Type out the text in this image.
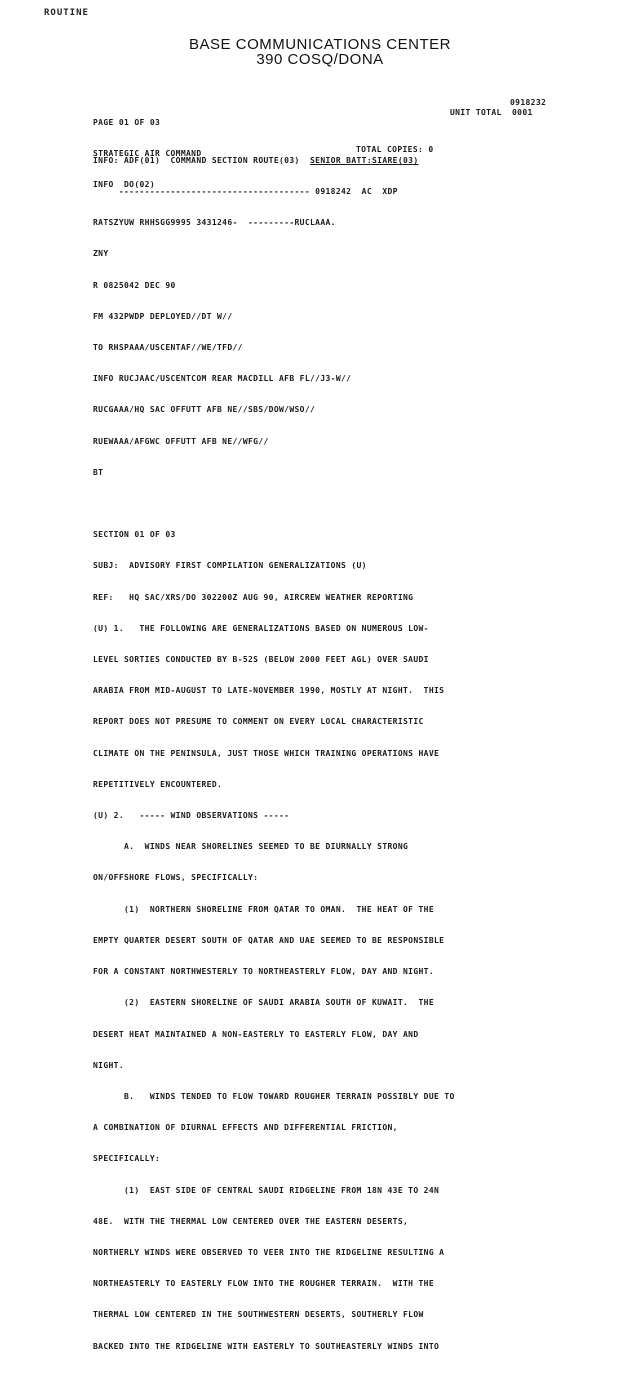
ROUTINE
BASE COMMUNICATIONS CENTER
390 COSQ/DONA

PAGE 01 OF 03

STRATEGIC AIR COMMAND

INFO  DO(02)

0918232
UNIT TOTAL  0001

INFO: ADF(01)  COMMAND SECTION ROUTE(03) SENIOR BATT:SIARE(03)

------------------------------------- 0918242  AC  XDP

RATSZYUW RHHSGG9995 3431246-  ---------RUCLAAA.

ZNY

R 0825042 DEC 90

FM 432PWDP DEPLOYED//DT W//

TO RHSPAAA/USCENTAF//WE/TFD//

INFO RUCJAAC/USCENTCOM REAR MACDILL AFB FL//J3-W//

RUCGAAA/HQ SAC OFFUTT AFB NE//SBS/DOW/WSO//

RUEWAAA/AFGWC OFFUTT AFB NE//WFG//

BT

SECTION 01 OF 03

SUBJ:  ADVISORY FIRST COMPILATION GENERALIZATIONS (U)

REF:   HQ SAC/XRS/DO 302200Z AUG 90, AIRCREW WEATHER REPORTING

(U) 1.   THE FOLLOWING ARE GENERALIZATIONS BASED ON NUMEROUS LOW-

LEVEL SORTIES CONDUCTED BY B-52S (BELOW 2000 FEET AGL) OVER SAUDI

ARABIA FROM MID-AUGUST TO LATE-NOVEMBER 1990, MOSTLY AT NIGHT.  THIS

REPORT DOES NOT PRESUME TO COMMENT ON EVERY LOCAL CHARACTERISTIC

CLIMATE ON THE PENINSULA, JUST THOSE WHICH TRAINING OPERATIONS HAVE

REPETITIVELY ENCOUNTERED.

(U) 2.   ----- WIND OBSERVATIONS -----

A.  WINDS NEAR SHORELINES SEEMED TO BE DIURNALLY STRONG

ON/OFFSHORE FLOWS, SPECIFICALLY:

(1)  NORTHERN SHORELINE FROM QATAR TO OMAN.  THE HEAT OF THE

EMPTY QUARTER DESERT SOUTH OF QATAR AND UAE SEEMED TO BE RESPONSIBLE

FOR A CONSTANT NORTHWESTERLY TO NORTHEASTERLY FLOW, DAY AND NIGHT.

(2)  EASTERN SHORELINE OF SAUDI ARABIA SOUTH OF KUWAIT.  THE

DESERT HEAT MAINTAINED A NON-EASTERLY TO EASTERLY FLOW, DAY AND

NIGHT.

B.   WINDS TENDED TO FLOW TOWARD ROUGHER TERRAIN POSSIBLY DUE TO

A COMBINATION OF DIURNAL EFFECTS AND DIFFERENTIAL FRICTION,

SPECIFICALLY:

(1)  EAST SIDE OF CENTRAL SAUDI RIDGELINE FROM 18N 43E TO 24N

48E.  WITH THE THERMAL LOW CENTERED OVER THE EASTERN DESERTS,

NORTHERLY WINDS WERE OBSERVED TO VEER INTO THE RIDGELINE RESULTING A

NORTHEASTERLY TO EASTERLY FLOW INTO THE ROUGHER TERRAIN.  WITH THE

THERMAL LOW CENTERED IN THE SOUTHWESTERN DESERTS, SOUTHERLY FLOW

BACKED INTO THE RIDGELINE WITH EASTERLY TO SOUTHEASTERLY WINDS INTO

TOTAL COPIES: 0
